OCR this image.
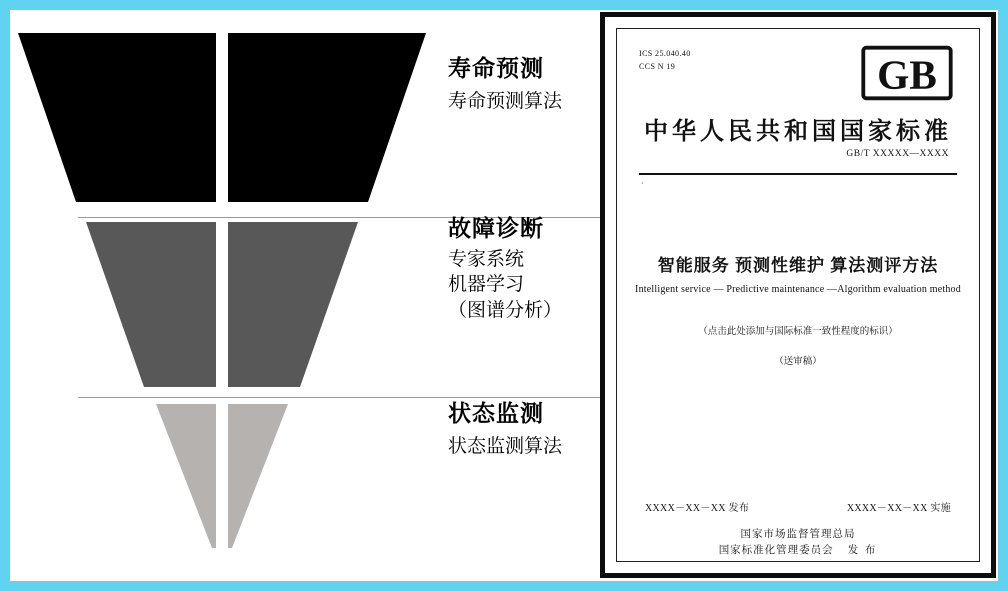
寿命预测
寿命预测算法
故障诊断
专家系统
机器学习
（图谱分析）
状态监测
状态监测算法
ICS 25.040.40
CCS N 19	GB
中华人民共和国国家标准
GB/T XXXXX—XXXX
·
智能服务 预测性维护 算法测评方法
Intelligent service — Predictive maintenance —Algorithm evaluation method
（点击此处添加与国际标准一致性程度的标识）
（送审稿）
XXXX－XX－XX 发布	XXXX－XX－XX 实施
国家市场监督管理总局
国家标准化管理委员会 发 布
